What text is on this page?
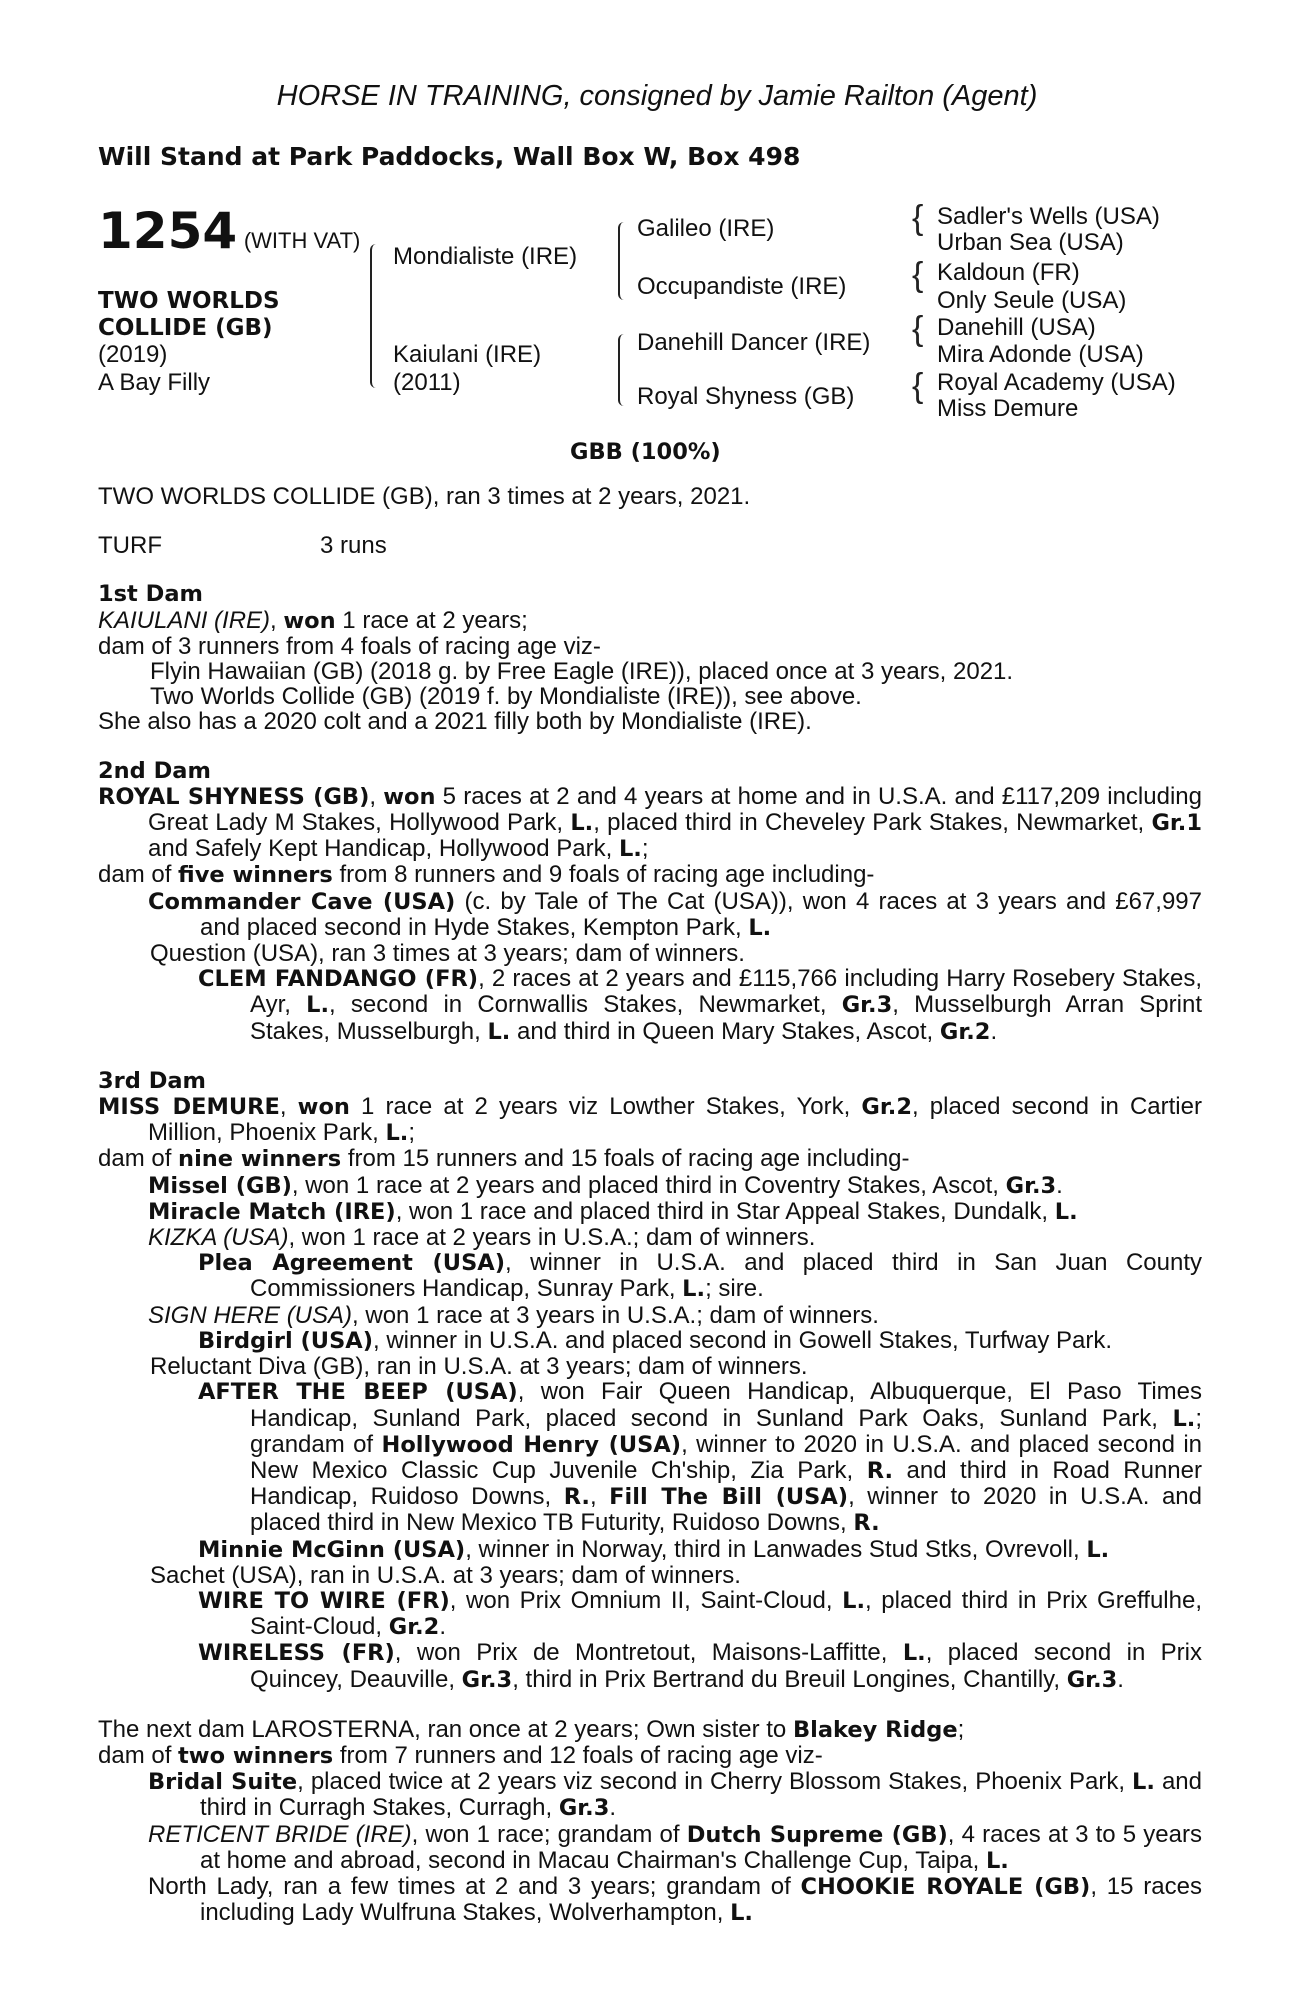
HORSE IN TRAINING, consigned by Jamie Railton (Agent)
Will Stand at Park Paddocks, Wall Box W, Box 498
1254 (WITH VAT)
TWO WORLDS
COLLIDE (GB)
(2019)
A Bay Filly
Mondialiste (IRE)
Kaiulani (IRE)
(2011)
Galileo (IRE)
Occupandiste (IRE)
Danehill Dancer (IRE)
Royal Shyness (GB)
{
{
{
{
Sadler's Wells (USA)
Urban Sea (USA)
Kaldoun (FR)
Only Seule (USA)
Danehill (USA)
Mira Adonde (USA)
Royal Academy (USA)
Miss Demure
GBB (100%)

TWO WORLDS COLLIDE (GB), ran 3 times at 2 years, 2021.

TURF	3 runs

1st Dam

KAIULANI (IRE), won 1 race at 2 years;

dam of 3 runners from 4 foals of racing age viz-

Flyin Hawaiian (GB) (2018 g. by Free Eagle (IRE)), placed once at 3 years, 2021.

Two Worlds Collide (GB) (2019 f. by Mondialiste (IRE)), see above.

She also has a 2020 colt and a 2021 filly both by Mondialiste (IRE).

2nd Dam

ROYAL SHYNESS (GB), won 5 races at 2 and 4 years at home and in U.S.A. and £117,209 including Great Lady M Stakes, Hollywood Park, L., placed third in Cheveley Park Stakes, Newmarket, Gr.1 and Safely Kept Handicap, Hollywood Park, L.;

dam of five winners from 8 runners and 9 foals of racing age including-

Commander Cave (USA) (c. by Tale of The Cat (USA)), won 4 races at 3 years and £67,997 and placed second in Hyde Stakes, Kempton Park, L.

Question (USA), ran 3 times at 3 years; dam of winners.

CLEM FANDANGO (FR), 2 races at 2 years and £115,766 including Harry Rosebery Stakes, Ayr, L., second in Cornwallis Stakes, Newmarket, Gr.3, Musselburgh Arran Sprint Stakes, Musselburgh, L. and third in Queen Mary Stakes, Ascot, Gr.2.

3rd Dam

MISS DEMURE, won 1 race at 2 years viz Lowther Stakes, York, Gr.2, placed second in Cartier Million, Phoenix Park, L.;

dam of nine winners from 15 runners and 15 foals of racing age including-

Missel (GB), won 1 race at 2 years and placed third in Coventry Stakes, Ascot, Gr.3.

Miracle Match (IRE), won 1 race and placed third in Star Appeal Stakes, Dundalk, L.

KIZKA (USA), won 1 race at 2 years in U.S.A.; dam of winners.

Plea Agreement (USA), winner in U.S.A. and placed third in San Juan County Commissioners Handicap, Sunray Park, L.; sire.

SIGN HERE (USA), won 1 race at 3 years in U.S.A.; dam of winners.

Birdgirl (USA), winner in U.S.A. and placed second in Gowell Stakes, Turfway Park.

Reluctant Diva (GB), ran in U.S.A. at 3 years; dam of winners.

AFTER THE BEEP (USA), won Fair Queen Handicap, Albuquerque, El Paso Times Handicap, Sunland Park, placed second in Sunland Park Oaks, Sunland Park, L.; grandam of Hollywood Henry (USA), winner to 2020 in U.S.A. and placed second in New Mexico Classic Cup Juvenile Ch'ship, Zia Park, R. and third in Road Runner Handicap, Ruidoso Downs, R., Fill The Bill (USA), winner to 2020 in U.S.A. and placed third in New Mexico TB Futurity, Ruidoso Downs, R.

Minnie McGinn (USA), winner in Norway, third in Lanwades Stud Stks, Ovrevoll, L.

Sachet (USA), ran in U.S.A. at 3 years; dam of winners.

WIRE TO WIRE (FR), won Prix Omnium II, Saint-Cloud, L., placed third in Prix Greffulhe, Saint-Cloud, Gr.2.

WIRELESS (FR), won Prix de Montretout, Maisons-Laffitte, L., placed second in Prix Quincey, Deauville, Gr.3, third in Prix Bertrand du Breuil Longines, Chantilly, Gr.3.

The next dam LAROSTERNA, ran once at 2 years; Own sister to Blakey Ridge;

dam of two winners from 7 runners and 12 foals of racing age viz-

Bridal Suite, placed twice at 2 years viz second in Cherry Blossom Stakes, Phoenix Park, L. and third in Curragh Stakes, Curragh, Gr.3.

RETICENT BRIDE (IRE), won 1 race; grandam of Dutch Supreme (GB), 4 races at 3 to 5 years at home and abroad, second in Macau Chairman's Challenge Cup, Taipa, L.

North Lady, ran a few times at 2 and 3 years; grandam of CHOOKIE ROYALE (GB), 15 races including Lady Wulfruna Stakes, Wolverhampton, L.
